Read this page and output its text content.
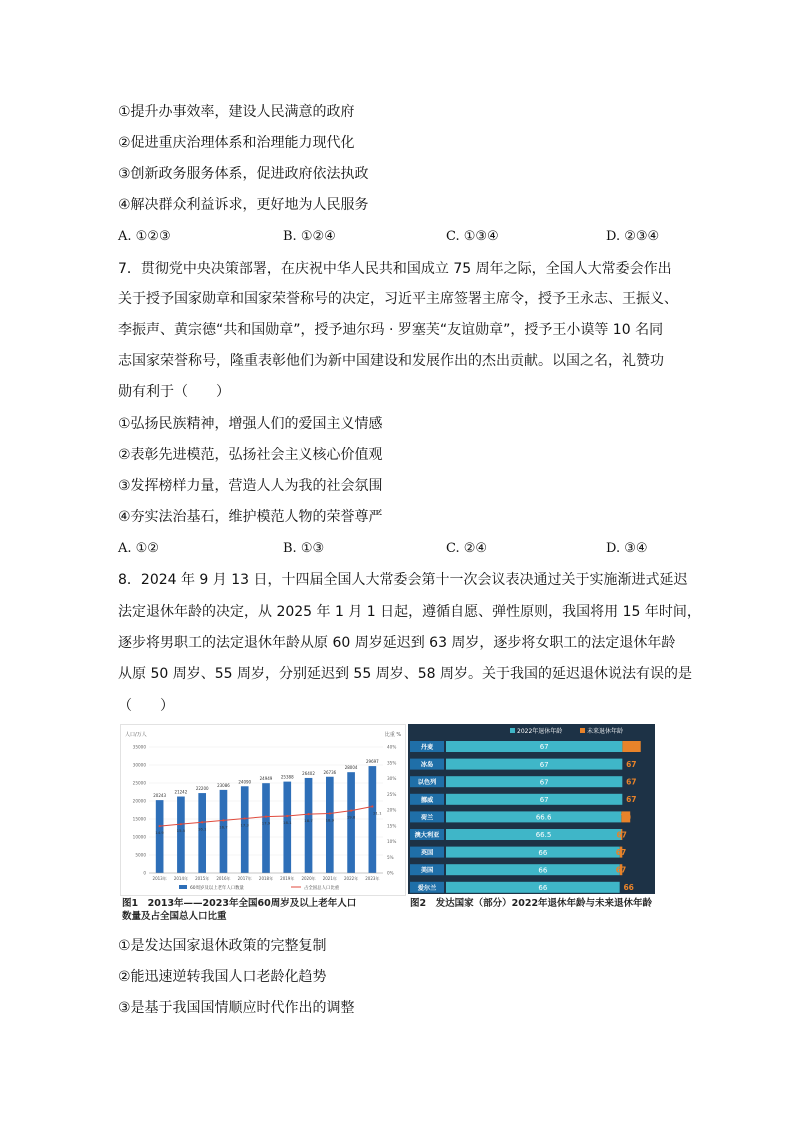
①提升办事效率，建设人民满意的政府
②促进重庆治理体系和治理能力现代化
③创新政务服务体系，促进政府依法执政
④解决群众利益诉求，更好地为人民服务
A. ①②③	B. ①②④	C. ①③④	D. ②③④
7．贯彻党中央决策部署，在庆祝中华人民共和国成立 75 周年之际，全国人大常委会作出
关于授予国家勋章和国家荣誉称号的决定，习近平主席签署主席令，授予王永志、王振义、
李振声、黄宗德“共和国勋章”，授予迪尔玛 · 罗塞芙“友谊勋章”，授予王小谟等 10 名同
志国家荣誉称号，隆重表彰他们为新中国建设和发展作出的杰出贡献。以国之名，礼赞功
勋有利于（　　）
①弘扬民族精神，增强人们的爱国主义情感
②表彰先进模范，弘扬社会主义核心价值观
③发挥榜样力量，营造人人为我的社会氛围
④夯实法治基石，维护模范人物的荣誉尊严
A. ①②	B. ①③	C. ②④	D. ③④
8．2024 年 9 月 13 日，十四届全国人大常委会第十一次会议表决通过关于实施渐进式延迟
法定退休年龄的决定，从 2025 年 1 月 1 日起，遵循自愿、弹性原则，我国将用 15 年时间，
逐步将男职工的法定退休年龄从原 60 周岁延迟到 63 周岁，逐步将女职工的法定退休年龄
从原 50 周岁、55 周岁，分别延迟到 55 周岁、58 周岁。关于我国的延迟退休说法有误的是
（　　）
人口/万人	比重 %
0
5000
10000
15000
20000
25000
30000
35000
0%
5%
10%
15%
20%
25%
30%
35%
40%
20243
2013年
21242
2014年
22200
2015年
23086
2016年
24090
2017年
24949
2018年
25388
2019年
26402
2020年
26736
2021年
28004
2022年
29697
2023年
14.9	15.5	16.1	16.7	17.3	17.9	18.1	18.7	18.9
19.8
21.1
60周岁及以上老年人口数量	占全国总人口比重
图1　2013年——2023年全国60周岁及以上老年人口
数量及占全国总人口比重
2022年退休年龄	未来退休年龄
丹麦	67	74
冰岛	67	67
以色列	67	67
挪威	67	67
荷兰	66.6	70
澳大利亚	66.5	67
英国	66	67
美国	66	67
爱尔兰	66	66
图2　发达国家（部分）2022年退休年龄与未来退休年龄
①是发达国家退休政策的完整复制
②能迅速逆转我国人口老龄化趋势
③是基于我国国情顺应时代作出的调整
